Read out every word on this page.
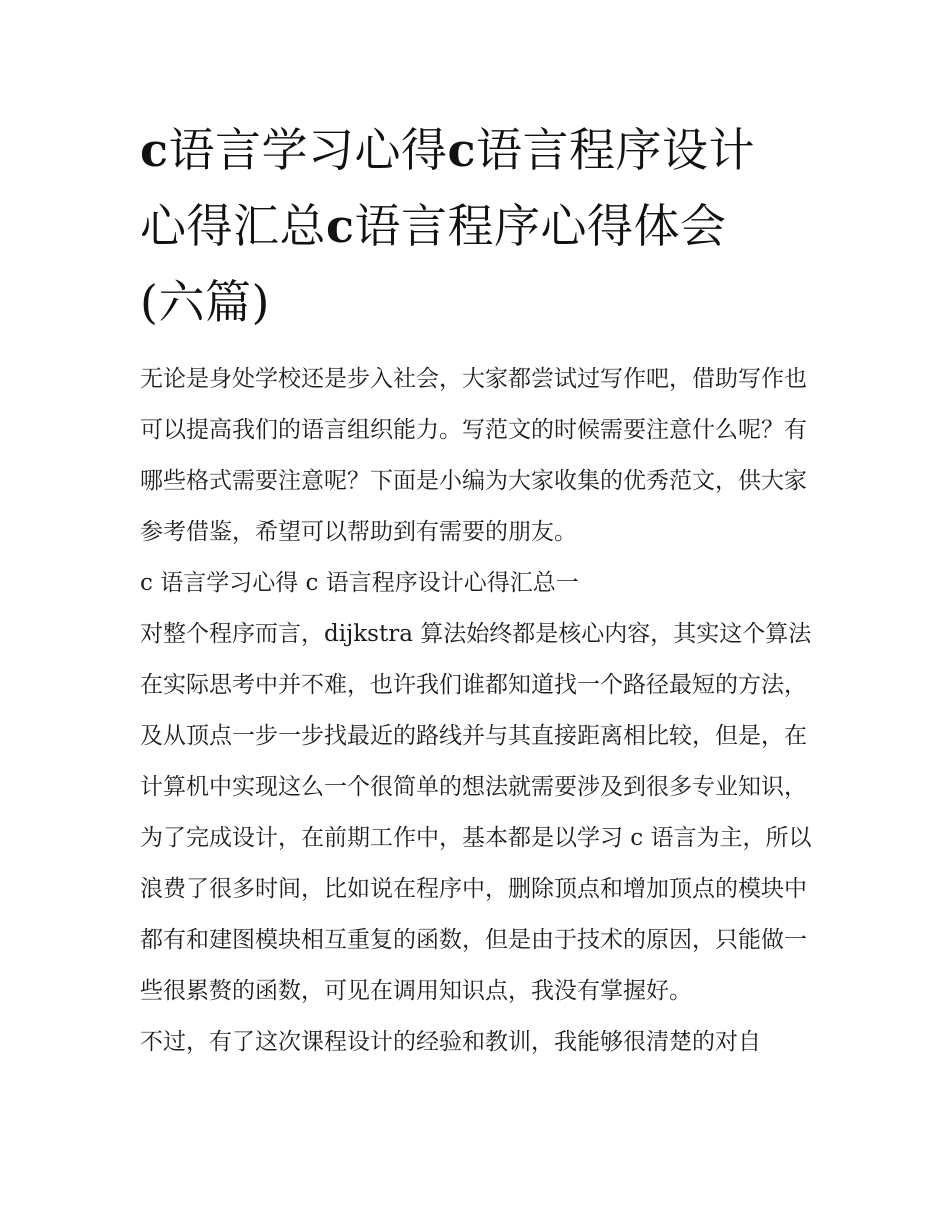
c语言学习心得c语言程序设计
心得汇总c语言程序心得体会
(六篇)

无论是身处学校还是步入社会，大家都尝试过写作吧，借助写作也可以提高我们的语言组织能力。写范文的时候需要注意什么呢？有哪些格式需要注意呢？下面是小编为大家收集的优秀范文，供大家参考借鉴，希望可以帮助到有需要的朋友。

c 语言学习心得 c 语言程序设计心得汇总一

对整个程序而言，dijkstra 算法始终都是核心内容，其实这个算法在实际思考中并不难，也许我们谁都知道找一个路径最短的方法，及从顶点一步一步找最近的路线并与其直接距离相比较，但是，在计算机中实现这么一个很简单的想法就需要涉及到很多专业知识，为了完成设计，在前期工作中，基本都是以学习 c 语言为主，所以浪费了很多时间，比如说在程序中，删除顶点和增加顶点的模块中都有和建图模块相互重复的函数，但是由于技术的原因，只能做一些很累赘的函数，可见在调用知识点，我没有掌握好。

不过，有了这次课程设计的经验和教训，我能够很清楚的对自
